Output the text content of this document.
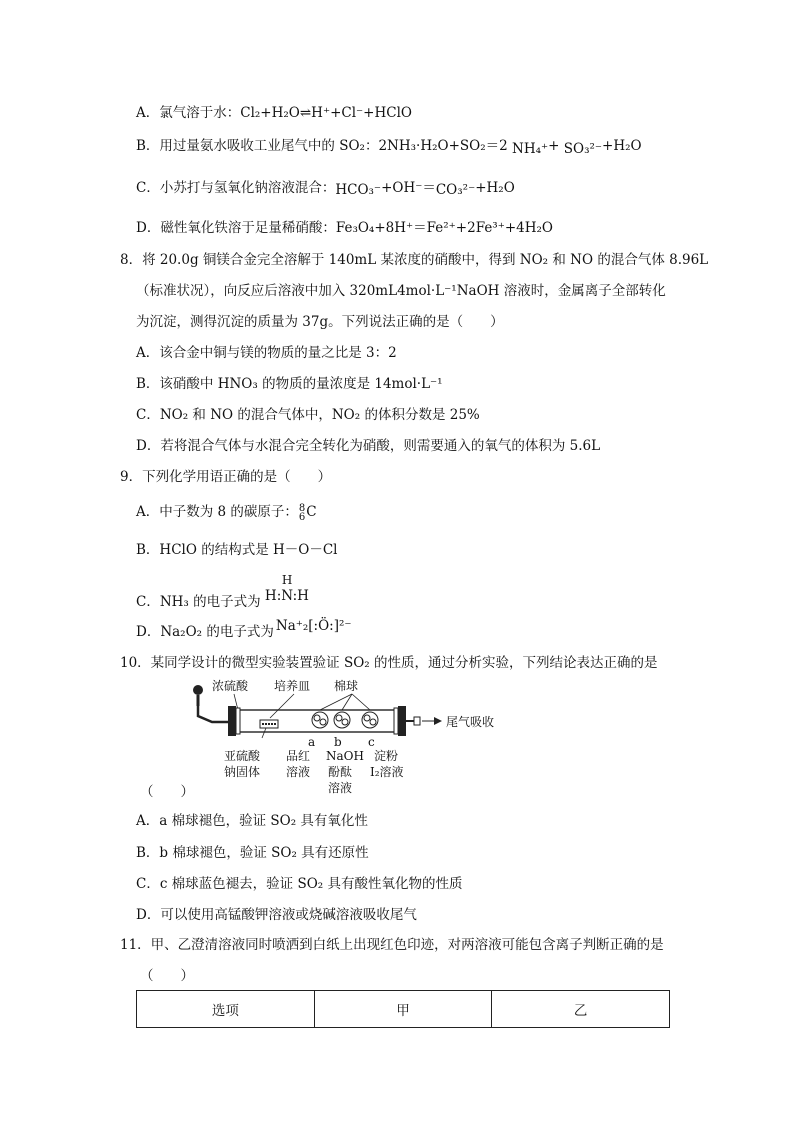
A．氯气溶于水：Cl₂+H₂O⇌H⁺+Cl⁻+HClO
B．用过量氨水吸收工业尾气中的 SO₂：2NH₃·H₂O+SO₂＝2 NH₄⁺+ SO₃²⁻+H₂O
C．小苏打与氢氧化钠溶液混合：HCO₃⁻+OH⁻＝CO₃²⁻+H₂O
D．磁性氧化铁溶于足量稀硝酸：Fe₃O₄+8H⁺＝Fe²⁺+2Fe³⁺+4H₂O
8．将 20.0g 铜镁合金完全溶解于 140mL 某浓度的硝酸中，得到 NO₂ 和 NO 的混合气体 8.96L
（标准状况），向反应后溶液中加入 320mL4mol·L⁻¹NaOH 溶液时，金属离子全部转化
为沉淀，测得沉淀的质量为 37g。下列说法正确的是（　　）
A．该合金中铜与镁的物质的量之比是 3：2
B．该硝酸中 HNO₃ 的物质的量浓度是 14mol·L⁻¹
C．NO₂ 和 NO 的混合气体中，NO₂ 的体积分数是 25%
D．若将混合气体与水混合完全转化为硝酸，则需要通入的氧气的体积为 5.6L
9．下列化学用语正确的是（　　）
A．中子数为 8 的碳原子： 8
6 C
B．HClO 的结构式是 H－O－Cl
C．NH₃ 的电子式为
H
H:N:H
D．Na₂O₂ 的电子式为 Na⁺₂[:Ö:]²⁻
10．某同学设计的微型实验装置验证 SO₂ 的性质，通过分析实验，下列结论表达正确的是
浓硫酸 培养皿 棉球
尾气吸收
a b c
亚硫酸
钠固体
品红
溶液
NaOH
酚酞
溶液
淀粉
I₂溶液
（　　）
A．a 棉球褪色，验证 SO₂ 具有氧化性
B．b 棉球褪色，验证 SO₂ 具有还原性
C．c 棉球蓝色褪去，验证 SO₂ 具有酸性氧化物的性质
D．可以使用高锰酸钾溶液或烧碱溶液吸收尾气
11．甲、乙澄清溶液同时喷洒到白纸上出现红色印迹，对两溶液可能包含离子判断正确的是
（　　）
选项	甲	乙
